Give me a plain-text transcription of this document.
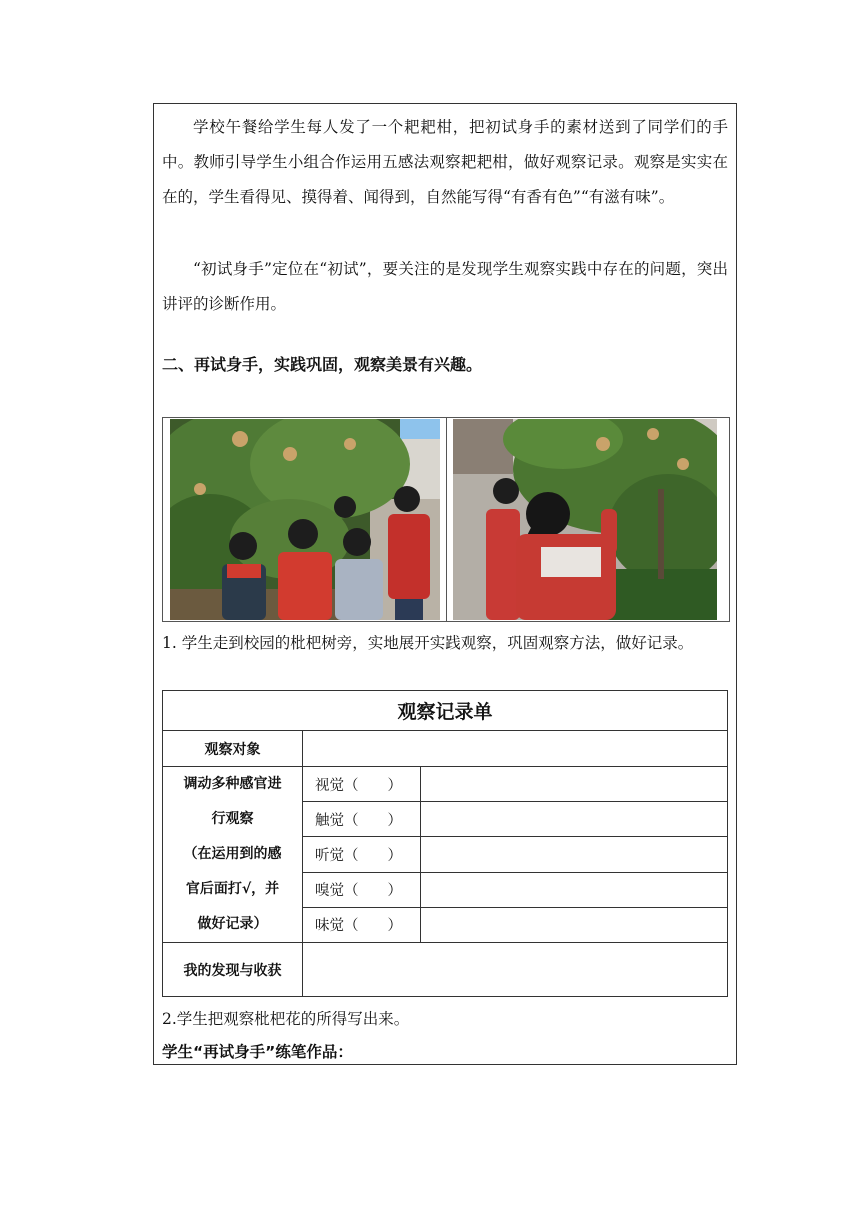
学校午餐给学生每人发了一个耙耙柑，把初试身手的素材送到了同学们的手中。教师引导学生小组合作运用五感法观察耙耙柑，做好观察记录。观察是实实在在的，学生看得见、摸得着、闻得到，自然能写得“有香有色”“有滋有味”。

“初试身手”定位在“初试”，要关注的是发现学生观察实践中存在的问题，突出讲评的诊断作用。

二、再试身手，实践巩固，观察美景有兴趣。

1. 学生走到校园的枇杷树旁，实地展开实践观察，巩固观察方法，做好记录。

观察记录单		
观察对象		

调动多种感官进
行观察
（在运用到的感
官后面打√，并
做好记录）	视觉（　　）	
	触觉（　　）	
	听觉（　　）	
	嗅觉（　　）	
	味觉（　　）	
我的发现与收获		

2.学生把观察枇杷花的所得写出来。

学生“再试身手”练笔作品：
